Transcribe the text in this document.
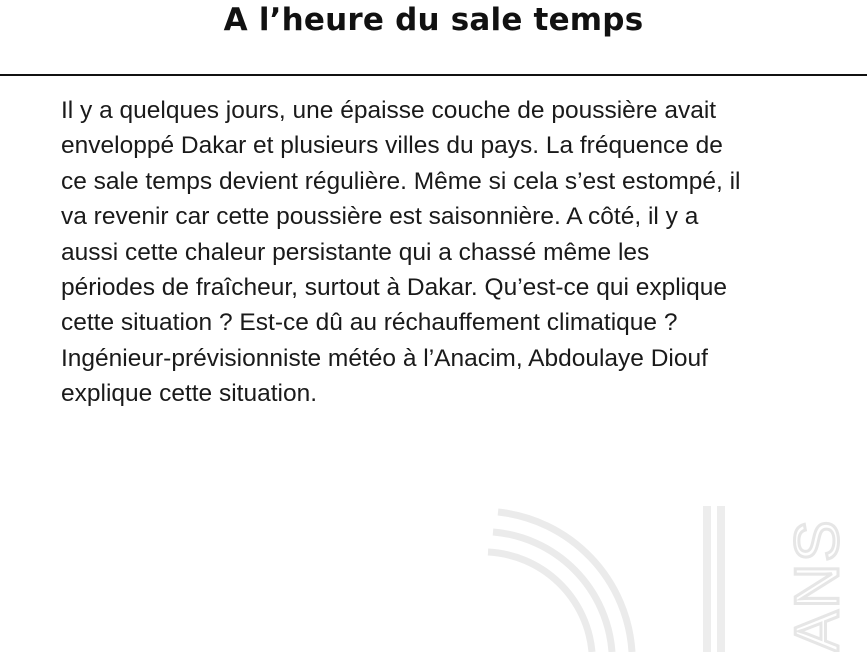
A l’heure du sale temps

Il y a quelques jours, une épaisse couche de poussière avait
enveloppé Dakar et plusieurs villes du pays. La fréquence de
ce sale temps devient régulière. Même si cela s’est estompé, il
va revenir car cette poussière est saisonnière. A côté, il y a
aussi cette chaleur persistante qui a chassé même les
périodes de fraîcheur, surtout à Dakar. Qu’est-ce qui explique
cette situation ? Est-ce dû au réchauffement climatique ?
Ingénieur-prévisionniste météo à l’Anacim, Abdoulaye Diouf
explique cette situation.

ANS
